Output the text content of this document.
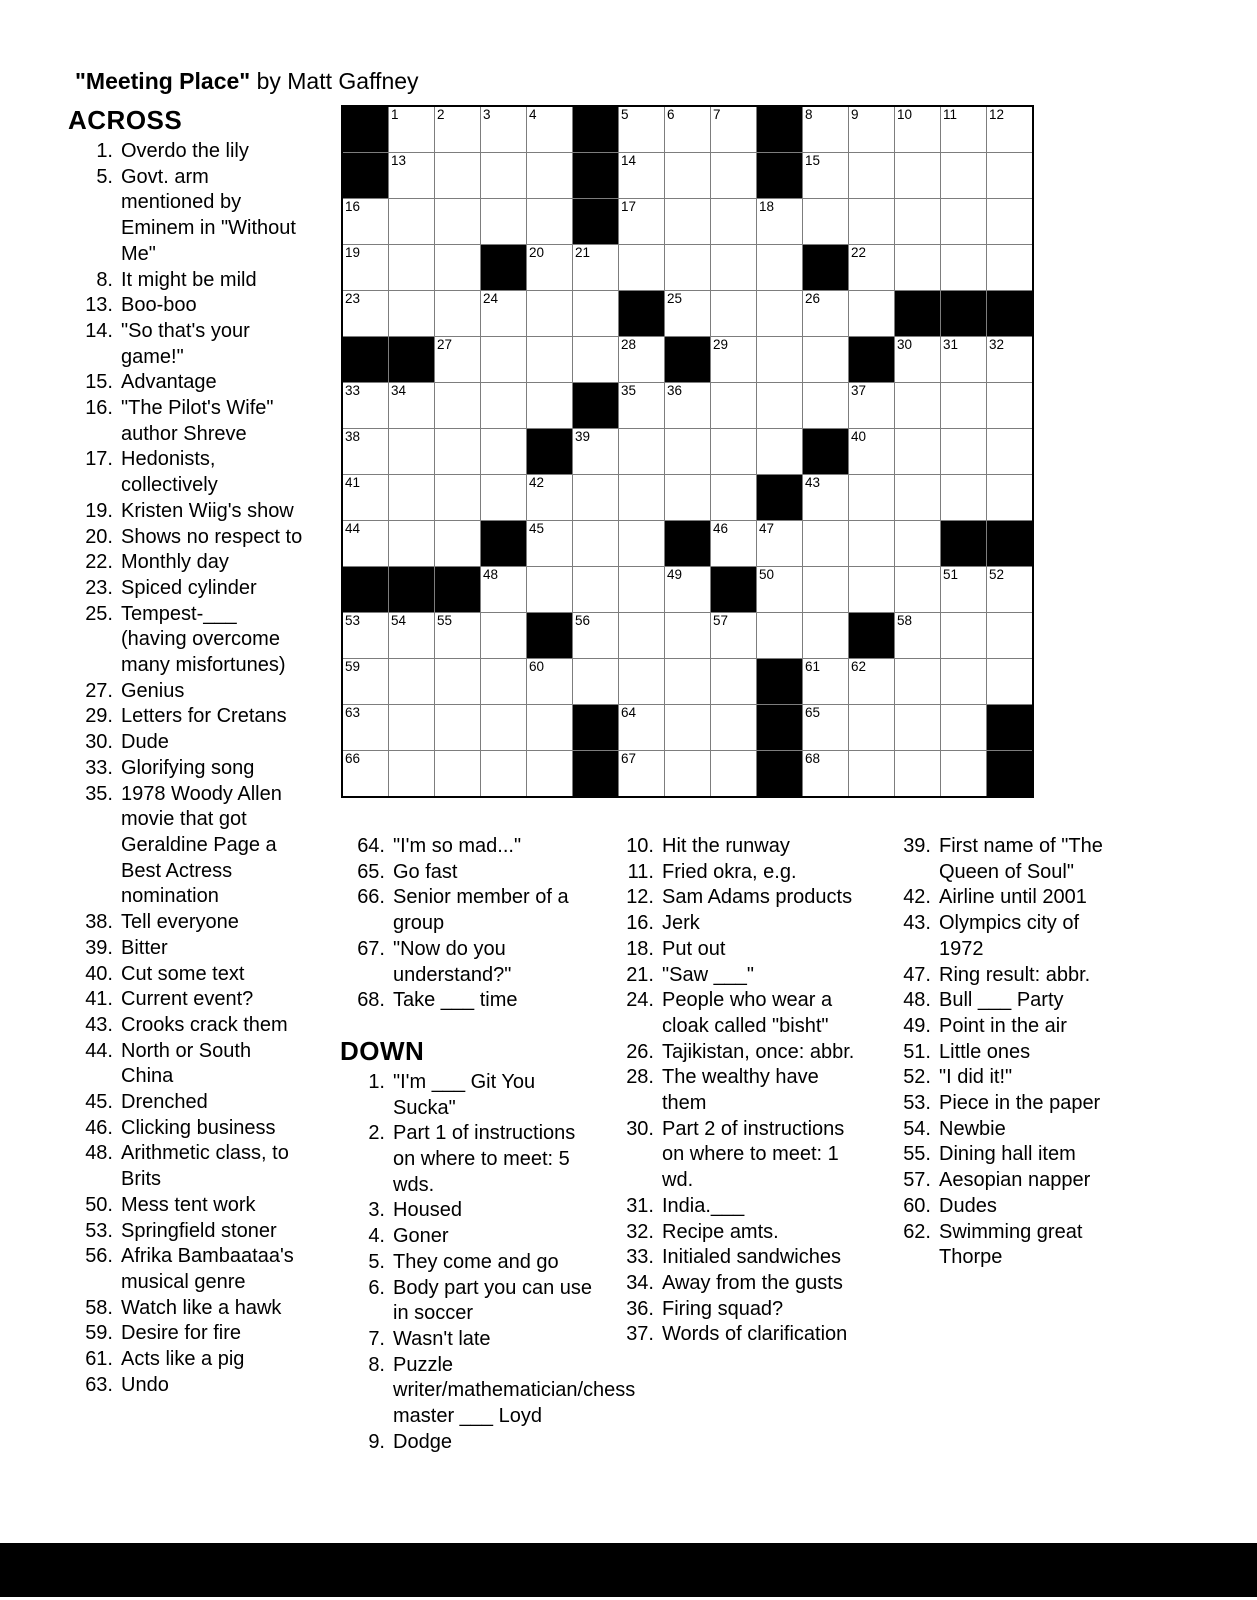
"Meeting Place" by Matt Gaffney
1	2	3	4	5	6	7	8	9	10 11 12
13	14	15
16	17	18
19	20 21	22
23	24	25	26
27	28	29	30 31 32
33 34	35 36	37
38	39	40
41	42	43
44	45	46 47
48	49	50	51 52
53 54 55	56	57	58
59	60	61 62
63	64	65
66	67	68
ACROSS
1. Overdo the lily
5. Govt. arm mentioned by Eminem in "Without Me"
8. It might be mild
13. Boo-boo
14. "So that's your game!"
15. Advantage
16. "The Pilot's Wife" author Shreve
17. Hedonists, collectively
19. Kristen Wiig's show
20. Shows no respect to
22. Monthly day
23. Spiced cylinder
25. Tempest-___ (having overcome many misfortunes)
27. Genius
29. Letters for Cretans
30. Dude
33. Glorifying song
35. 1978 Woody Allen movie that got Geraldine Page a Best Actress nomination
38. Tell everyone
39. Bitter
40. Cut some text
41. Current event?
43. Crooks crack them
44. North or South China
45. Drenched
46. Clicking business
48. Arithmetic class, to Brits
50. Mess tent work
53. Springfield stoner
56. Afrika Bambaataa's musical genre
58. Watch like a hawk
59. Desire for fire
61. Acts like a pig
63. Undo
64. "I'm so mad..."
65. Go fast
66. Senior member of a group
67. "Now do you understand?"
68. Take ___ time
DOWN
1. "I'm ___ Git You Sucka"
2. Part 1 of instructions on where to meet: 5 wds.
3. Housed
4. Goner
5. They come and go
6. Body part you can use in soccer
7. Wasn't late
8. Puzzle writer/mathematician/chess master ___ Loyd
9. Dodge
10. Hit the runway
11. Fried okra, e.g.
12. Sam Adams products
16. Jerk
18. Put out
21. "Saw ___"
24. People who wear a cloak called "bisht"
26. Tajikistan, once: abbr.
28. The wealthy have them
30. Part 2 of instructions on where to meet: 1 wd.
31. India.___
32. Recipe amts.
33. Initialed sandwiches
34. Away from the gusts
36. Firing squad?
37. Words of clarification
39. First name of "The Queen of Soul"
42. Airline until 2001
43. Olympics city of 1972
47. Ring result: abbr.
48. Bull ___ Party
49. Point in the air
51. Little ones
52. "I did it!"
53. Piece in the paper
54. Newbie
55. Dining hall item
57. Aesopian napper
60. Dudes
62. Swimming great Thorpe
